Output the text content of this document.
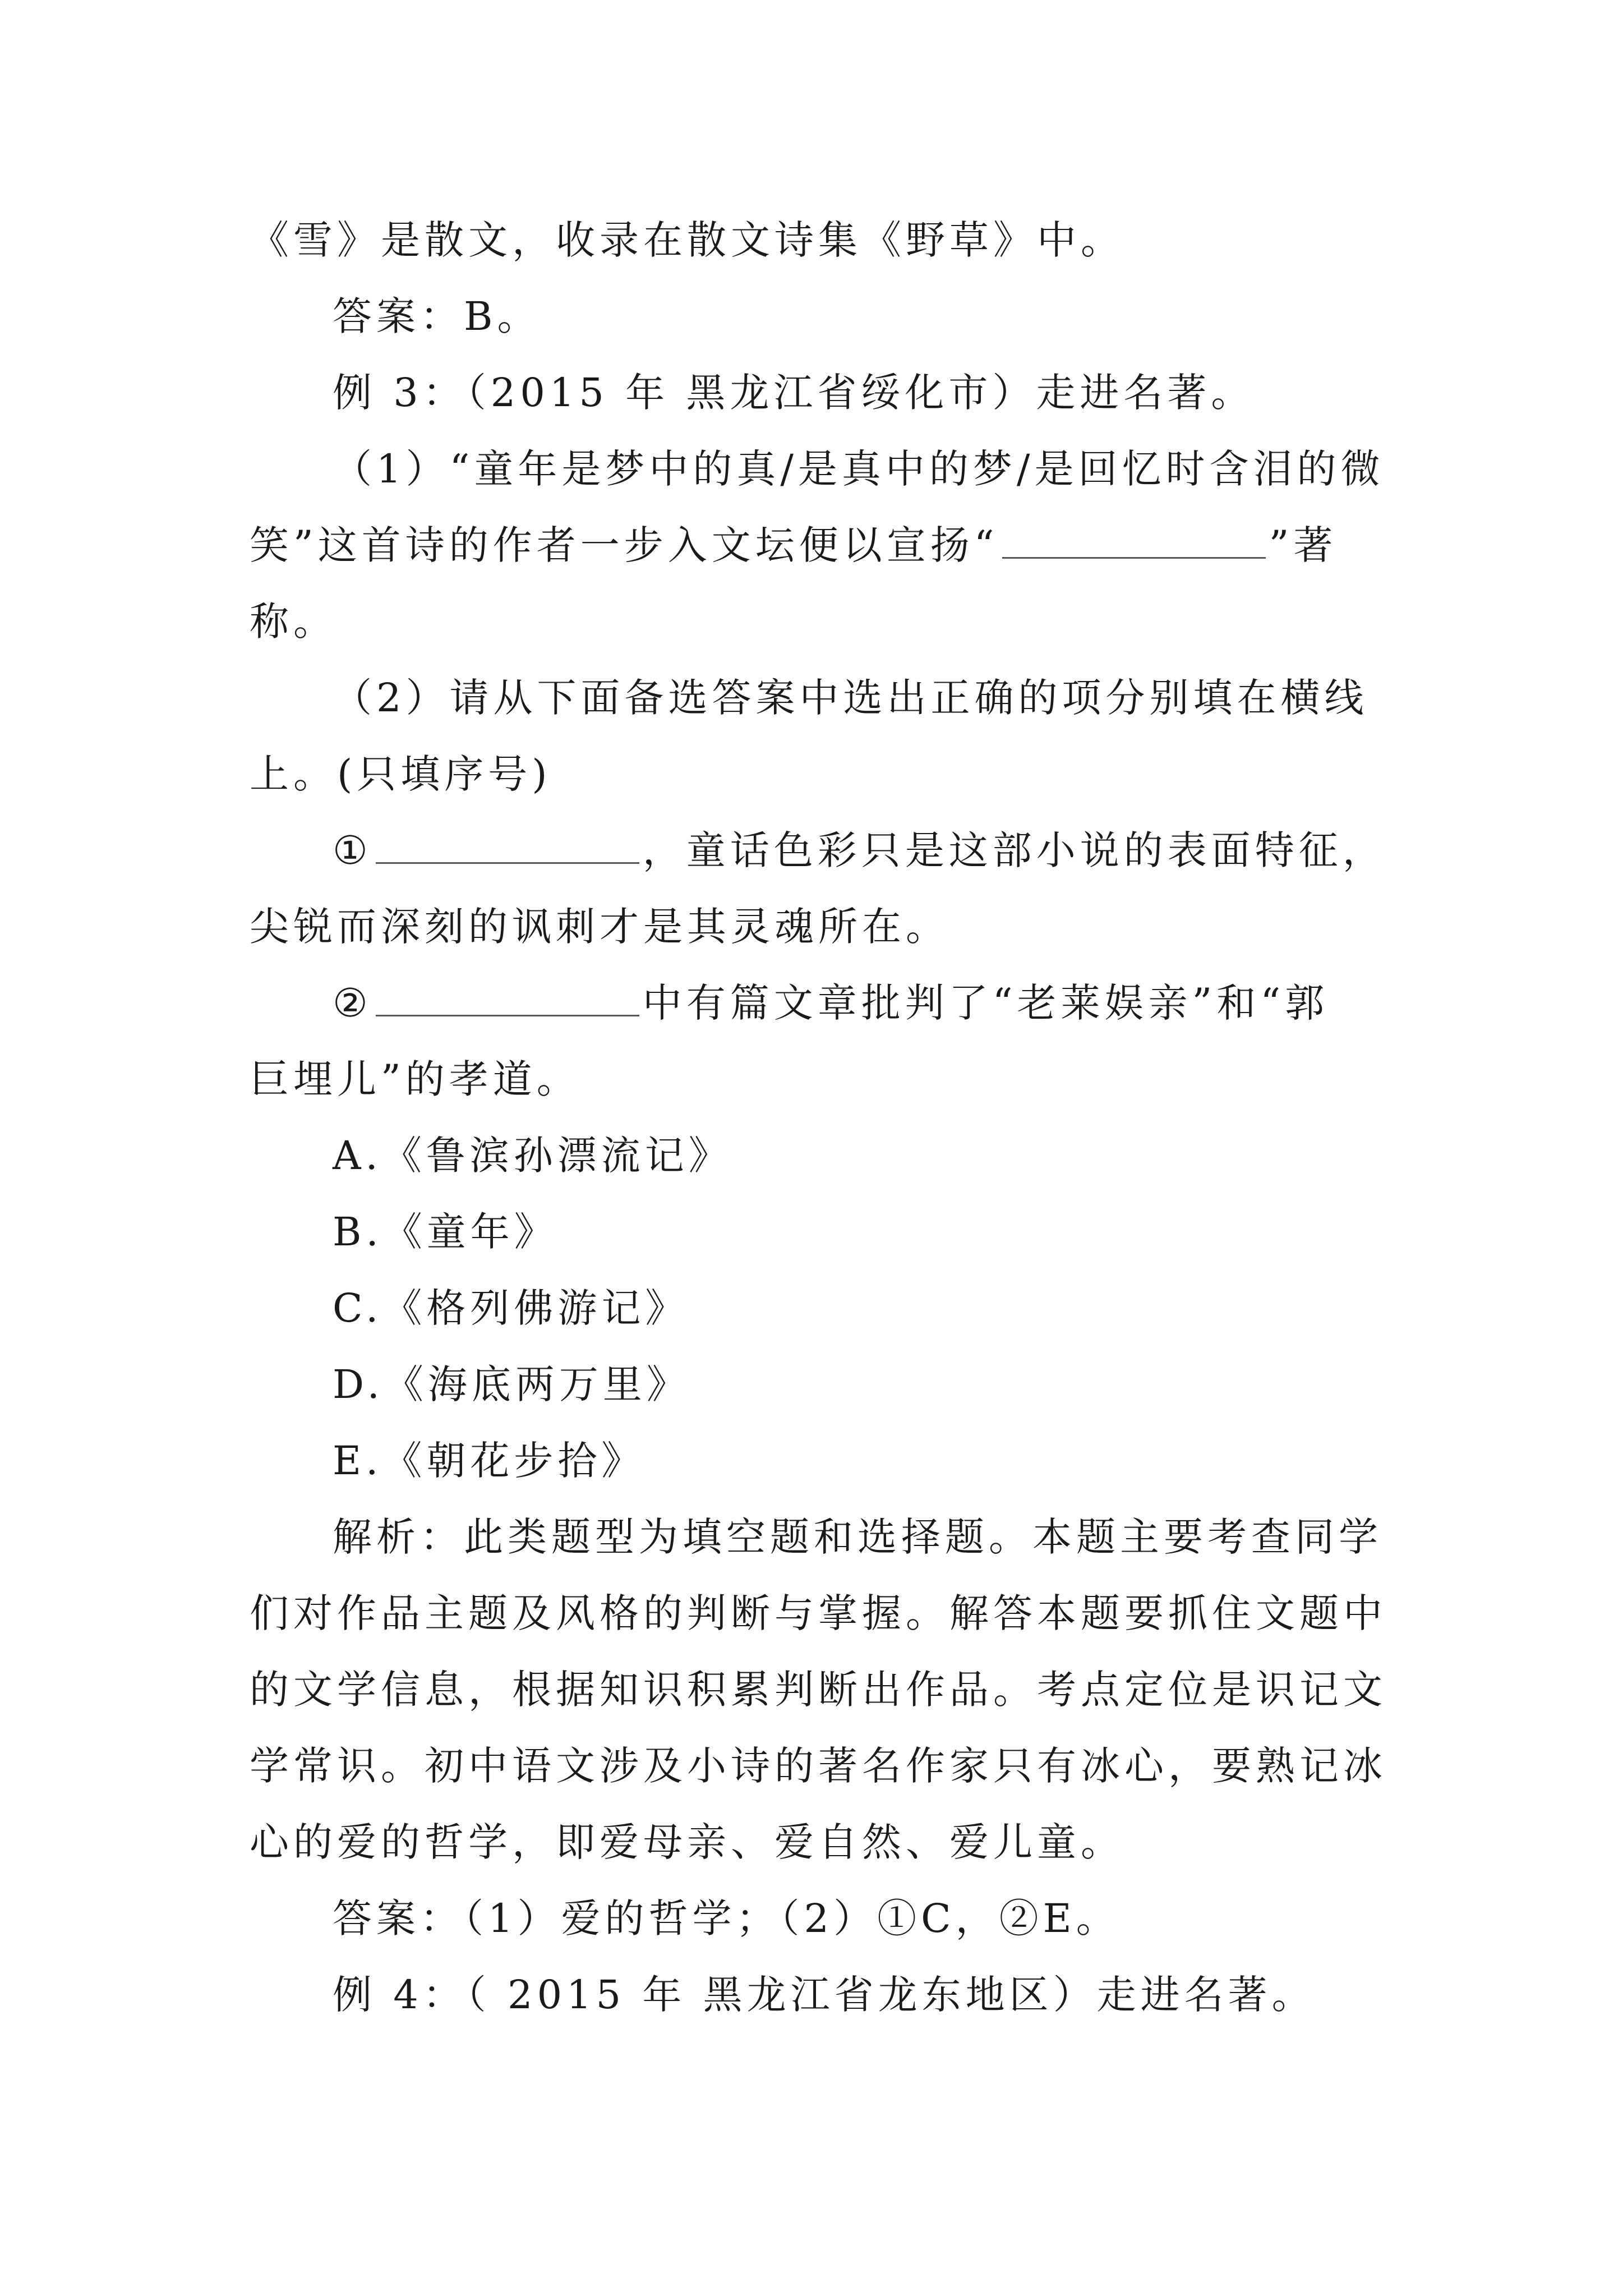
《雪》是散文，收录在散文诗集《野草》中。
答案：B。
例 3：（2015 年 黑龙江省绥化市）走进名著。
（1）“童年是梦中的真/是真中的梦/是回忆时含泪的微
笑”这首诗的作者一步入文坛便以宣扬“	”著
称。
（2）请从下面备选答案中选出正确的项分别填在横线
上。(只填序号)
①	，童话色彩只是这部小说的表面特征，
尖锐而深刻的讽刺才是其灵魂所在。
②	中有篇文章批判了“老莱娱亲”和“郭
巨埋儿”的孝道。
A.《鲁滨孙漂流记》
B.《童年》
C.《格列佛游记》
D.《海底两万里》
E.《朝花步拾》
解析：此类题型为填空题和选择题。本题主要考查同学
们对作品主题及风格的判断与掌握。解答本题要抓住文题中
的文学信息，根据知识积累判断出作品。考点定位是识记文
学常识。初中语文涉及小诗的著名作家只有冰心，要熟记冰
心的爱的哲学，即爱母亲、爱自然、爱儿童。
答案：（1）爱的哲学；（2）①C，②E。
例 4：（ 2015 年 黑龙江省龙东地区）走进名著。
